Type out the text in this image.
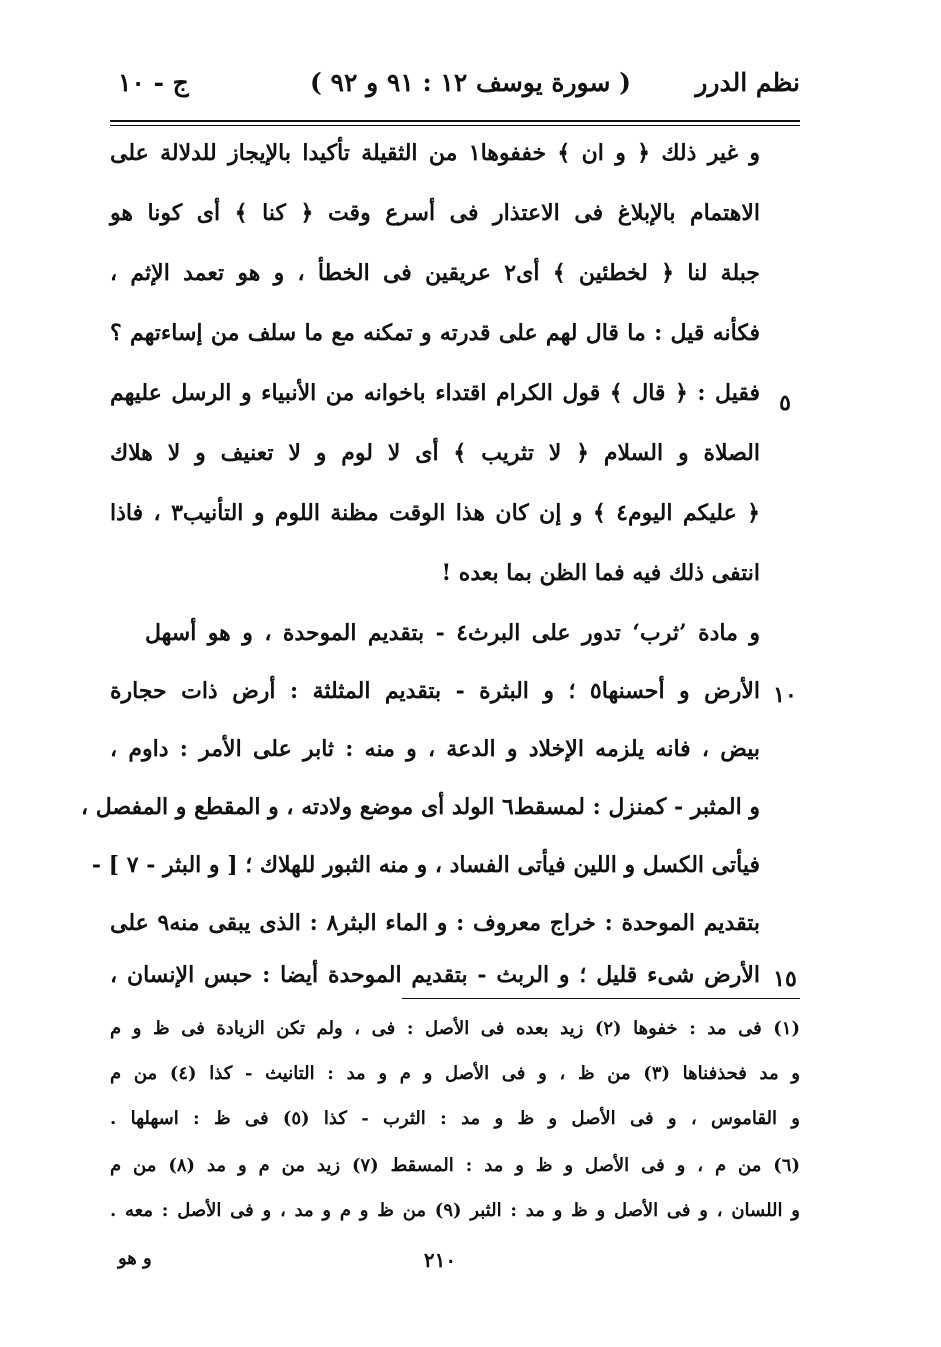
نظم الدرر
( سورة يوسف ١٢ : ٩١ و ٩٢ )
ج - ١٠
و غير ذلك ﴿ و ان ﴾ خففوها١ من الثقيلة تأكيدا بالإيجاز للدلالة على
الاهتمام بالإبلاغ فى الاعتذار فى أسرع وقت ﴿ كنا ﴾ أى كونا هو
جبلة لنا ﴿ لخطئين ﴾ أى٢ عريقين فى الخطأ ، و هو تعمد الإثم ،
فكأنه قيل : ما قال لهم على قدرته و تمكنه مع ما سلف من إساءتهم ؟
فقيل : ﴿ قال ﴾ قول الكرام اقتداء باخوانه من الأنبياء و الرسل عليهم
الصلاة و السلام ﴿ لا تثريب ﴾ أى لا لوم و لا تعنيف و لا هلاك
﴿ عليكم اليوم٤ ﴾ و إن كان هذا الوقت مظنة اللوم و التأنيب٣ ، فاذا
انتفى ذلك فيه فما الظن بما بعده !
و مادة ’ثرب‘ تدور على البرث٤ - بتقديم الموحدة ، و هو أسهل
الأرض و أحسنها٥ ؛ و البثرة - بتقديم المثلثة : أرض ذات حجارة
بيض ، فانه يلزمه الإخلاد و الدعة ، و منه : ثابر على الأمر : داوم ،
و المثبر - كمنزل : لمسقط٦ الولد أى موضع ولادته ، و المقطع و المفصل ،
فيأتى الكسل و اللين فيأتى الفساد ، و منه الثبور للهلاك ؛ [ و البثر - ٧ ] -
بتقديم الموحدة : خراج معروف : و الماء البثر٨ : الذى يبقى منه٩ على
الأرض شىء قليل ؛ و الربث - بتقديم الموحدة أيضا : حبس الإنسان ،
٥
١٠
١٥
(١) فى مد : خفوها (٢) زيد بعده فى الأصل : فى ، ولم تكن الزيادة فى ظ و م
و مد فحذفناها (٣) من ظ ، و فى الأصل و م و مد : التانيث - كذا (٤) من م
و القاموس ، و فى الأصل و ظ و مد : الثرب - كذا (٥) فى ظ : اسهلها .
(٦) من م ، و فى الأصل و ظ و مد : المسقط (٧) زيد من م و مد (٨) من م
و اللسان ، و فى الأصل و ظ و مد : الثبر (٩) من ظ و م و مد ، و فى الأصل : معه .
و هو	٢١٠
